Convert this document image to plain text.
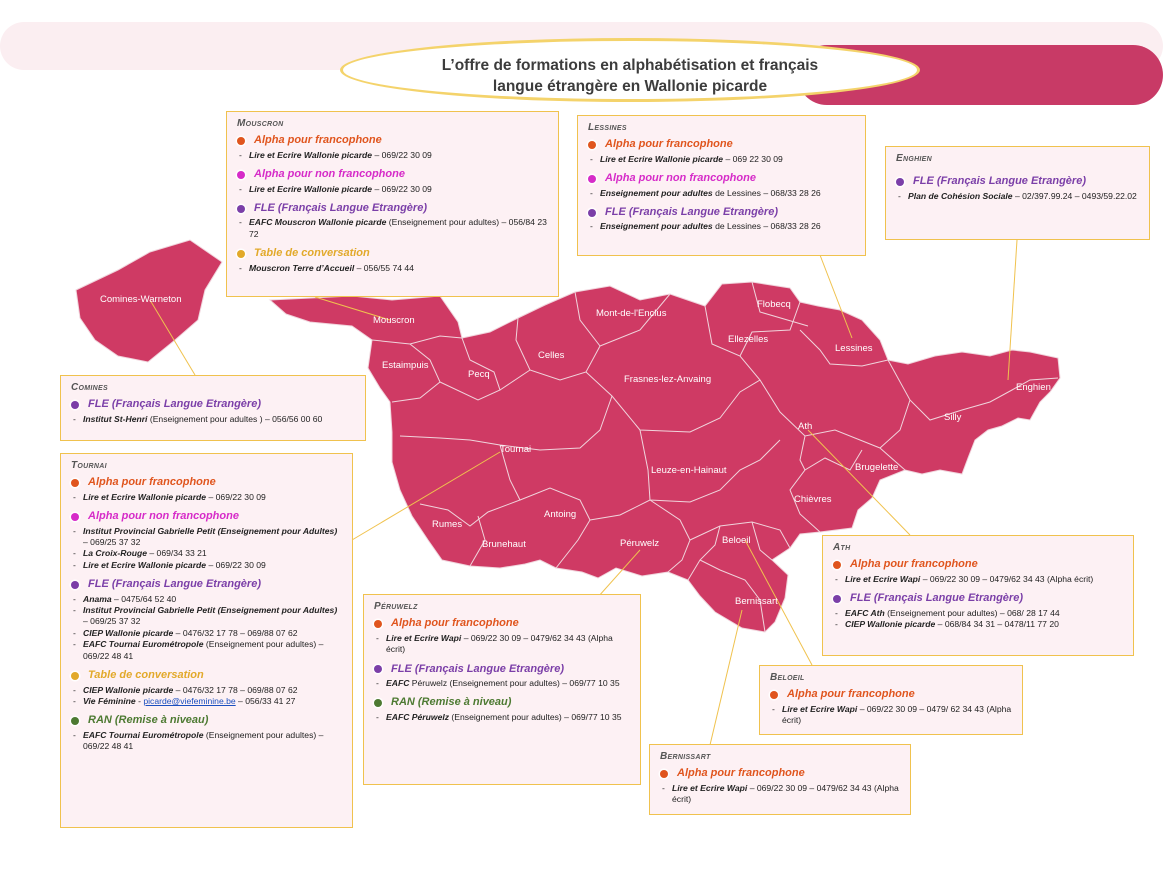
L’offre de formations en alphabétisation et français
langue étrangère en Wallonie picarde
Comines-Warneton
Mouscron
Estaimpuis
Pecq
Celles
Mont-de-l'Enclus
Frasnes-lez-Anvaing
Flobecq
Ellezelles
Lessines
Enghien
Silly
Ath
Brugelette
Leuze-en-Hainaut
Chièvres
Tournai
Rumes
Antoing
Brunehaut	Péruwelz	Beloeil
Bernissart
Mouscron
Alpha pour francophone
- Lire et Ecrire Wallonie picarde – 069/22 30 09
Alpha pour non francophone
- Lire et Ecrire Wallonie picarde – 069/22 30 09
FLE (Français Langue Etrangère)
- EAFC Mouscron Wallonie picarde (Enseignement pour adultes) – 056/84 23 72
Table de conversation
- Mouscron Terre d’Accueil – 056/55 74 44
Lessines
Alpha pour francophone
- Lire et Ecrire Wallonie picarde – 069 22 30 09
Alpha pour non francophone
- Enseignement pour adultes de Lessines – 068/33 28 26
FLE (Français Langue Etrangère)
- Enseignement pour adultes de Lessines – 068/33 28 26
Enghien
FLE (Français Langue Etrangère)
- Plan de Cohésion Sociale – 02/397.99.24 – 0493/59.22.02
Comines
FLE (Français Langue Etrangère)
- Institut St-Henri (Enseignement pour adultes ) – 056/56 00 60
Tournai
Alpha pour francophone
- Lire et Ecrire Wallonie picarde – 069/22 30 09
Alpha pour non francophone
- Institut Provincial Gabrielle Petit (Enseignement pour Adultes) – 069/25 37 32
- La Croix-Rouge – 069/34 33 21
- Lire et Ecrire Wallonie picarde – 069/22 30 09
FLE (Français Langue Etrangère)
- Anama – 0475/64 52 40
- Institut Provincial Gabrielle Petit (Enseignement pour Adultes) – 069/25 37 32
- CIEP Wallonie picarde – 0476/32 17 78 – 069/88 07 62
- EAFC Tournai Eurométropole (Enseignement pour adultes) – 069/22 48 41
Table de conversation
- CIEP Wallonie picarde – 0476/32 17 78 – 069/88 07 62
- Vie Féminine - picarde@viefeminine.be – 056/33 41 27
RAN (Remise à niveau)
- EAFC Tournai Eurométropole (Enseignement pour adultes) – 069/22 48 41
Péruwelz
Alpha pour francophone
- Lire et Ecrire Wapi – 069/22 30 09 – 0479/62 34 43 (Alpha écrit)
FLE (Français Langue Etrangère)
- EAFC Péruwelz (Enseignement pour adultes) – 069/77 10 35
RAN (Remise à niveau)
- EAFC Péruwelz (Enseignement pour adultes) – 069/77 10 35
Ath
Alpha pour francophone
- Lire et Ecrire Wapi – 069/22 30 09 – 0479/62 34 43 (Alpha écrit)
FLE (Français Langue Etrangère)
- EAFC Ath (Enseignement pour adultes) – 068/ 28 17 44
- CIEP Wallonie picarde – 068/84 34 31 – 0478/11 77 20
Beloeil
Alpha pour francophone
- Lire et Ecrire Wapi – 069/22 30 09 – 0479/ 62 34 43 (Alpha écrit)
Bernissart
Alpha pour francophone
- Lire et Ecrire Wapi – 069/22 30 09 – 0479/62 34 43 (Alpha écrit)
